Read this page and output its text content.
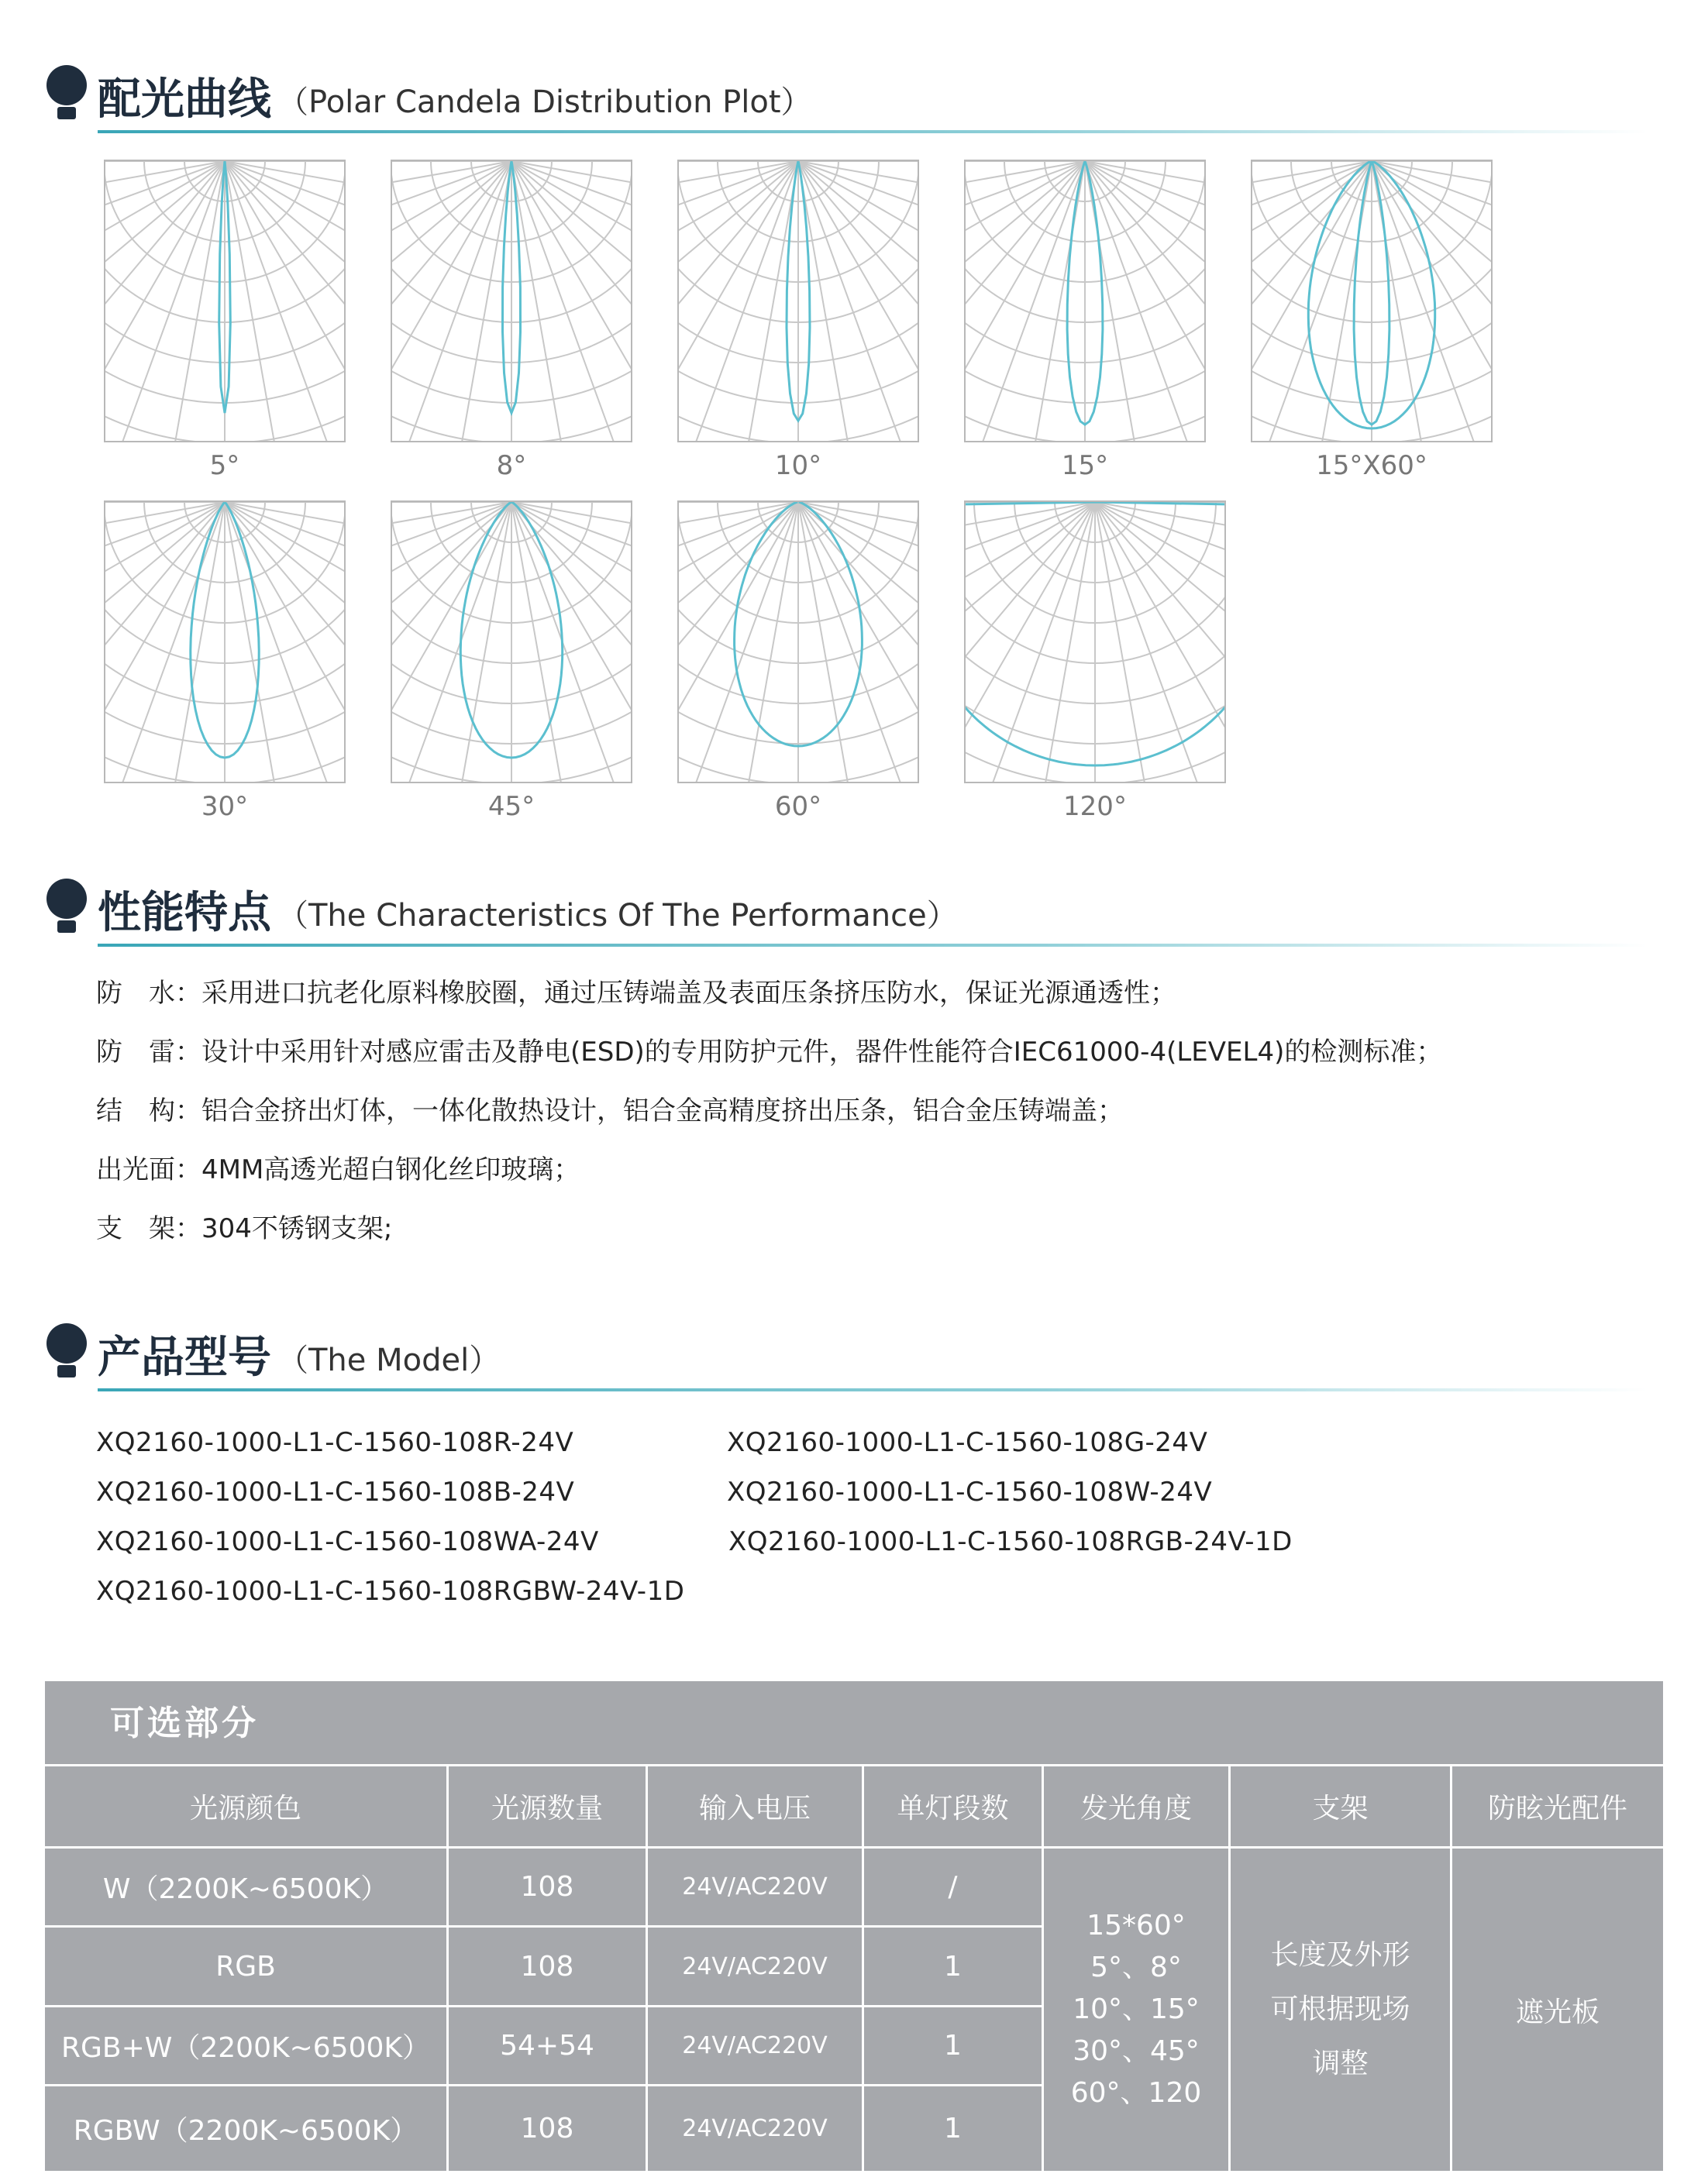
配光曲线 （Polar Candela Distribution Plot）
5°	8°	10°	15°	15°X60°
30°	45°	60°	120°
性能特点 （The Characteristics Of The Performance）
防　水：采用进口抗老化原料橡胶圈，通过压铸端盖及表面压条挤压防水，保证光源通透性；
防　雷：设计中采用针对感应雷击及静电(ESD)的专用防护元件，器件性能符合IEC61000-4(LEVEL4)的检测标准；
结　构：铝合金挤出灯体，一体化散热设计，铝合金高精度挤出压条，铝合金压铸端盖；
出光面：4MM高透光超白钢化丝印玻璃；
支　架：304不锈钢支架;
产品型号 （The Model）
XQ2160-1000-L1-C-1560-108R-24V
XQ2160-1000-L1-C-1560-108B-24V
XQ2160-1000-L1-C-1560-108WA-24V
XQ2160-1000-L1-C-1560-108RGBW-24V-1D
XQ2160-1000-L1-C-1560-108G-24V
XQ2160-1000-L1-C-1560-108W-24V
XQ2160-1000-L1-C-1560-108RGB-24V-1D
可选部分
光源颜色	光源数量	输入电压	单灯段数	发光角度	支架	防眩光配件
W（2200K~6500K）	108	24V/AC220V	/
RGB	108	24V/AC220V	1
RGB+W（2200K~6500K）	54+54	24V/AC220V	1
RGBW（2200K~6500K）	108	24V/AC220V	1
15*60°
5°、8°
10°、15°
30°、45°
60°、120
长度及外形
可根据现场
调整
遮光板
